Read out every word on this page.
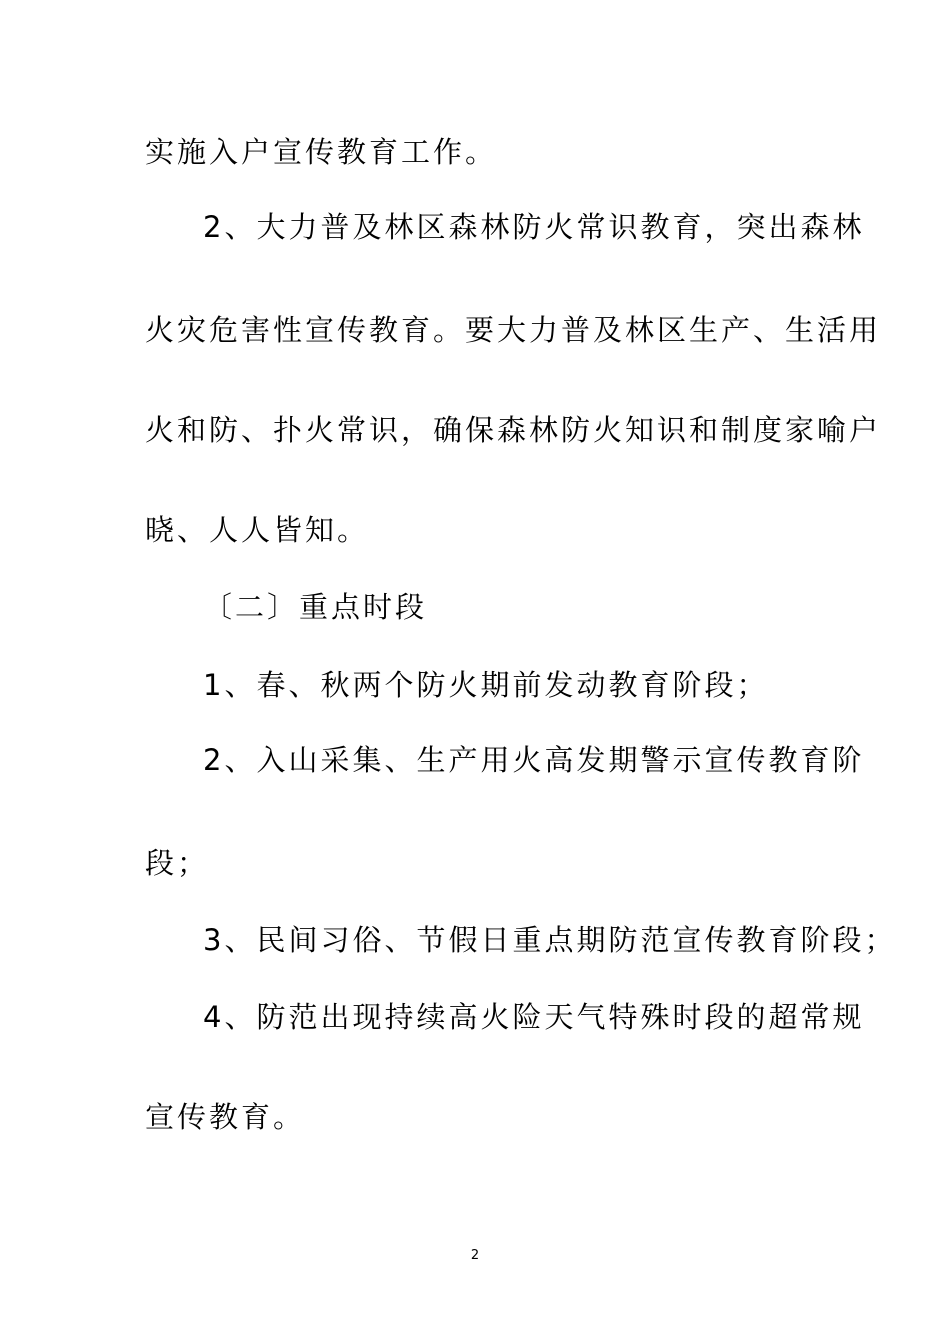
实施入户宣传教育工作。
2、大力普及林区森林防火常识教育，突出森林
火灾危害性宣传教育。要大力普及林区生产、生活用
火和防、扑火常识，确保森林防火知识和制度家喻户
晓、人人皆知。
〔二〕重点时段
1、春、秋两个防火期前发动教育阶段；
2、入山采集、生产用火高发期警示宣传教育阶
段；
3、民间习俗、节假日重点期防范宣传教育阶段；
4、防范出现持续高火险天气特殊时段的超常规
宣传教育。
2
